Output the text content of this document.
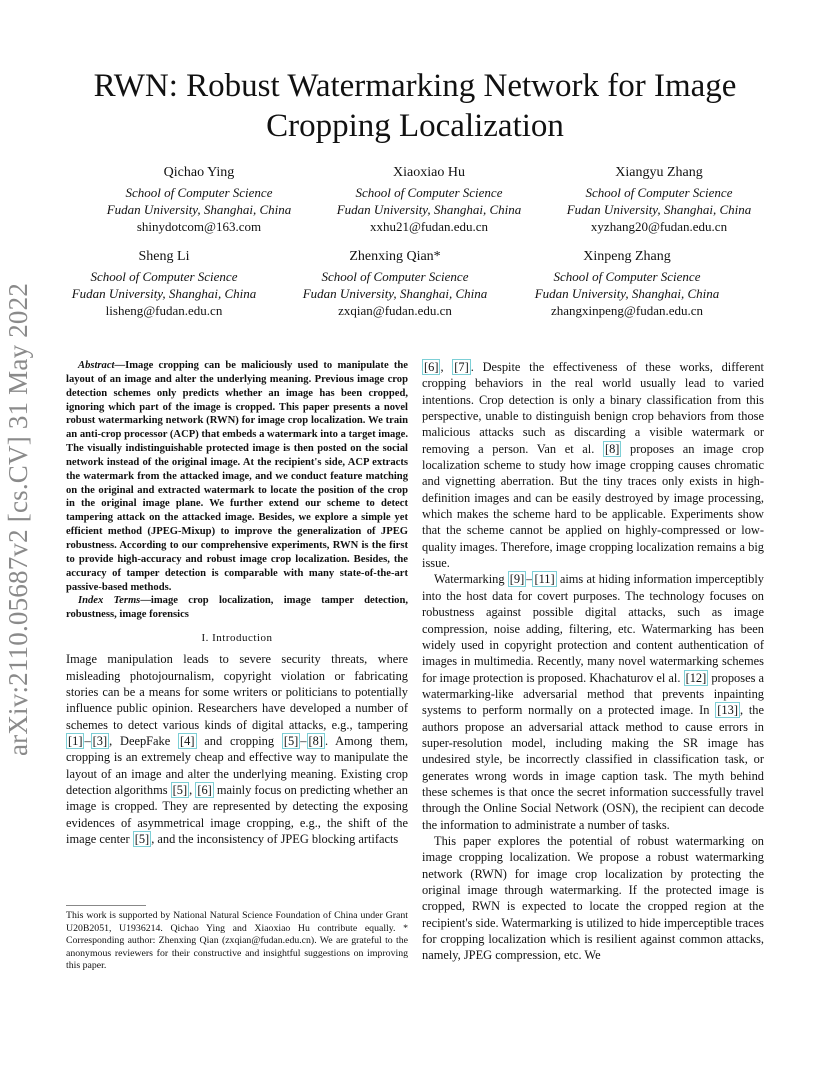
arXiv:2110.05687v2 [cs.CV] 31 May 2022
RWN: Robust Watermarking Network for Image
Cropping Localization
Qichao Ying
School of Computer Science
Fudan University, Shanghai, China
shinydotcom@163.com
Xiaoxiao Hu
School of Computer Science
Fudan University, Shanghai, China
xxhu21@fudan.edu.cn
Xiangyu Zhang
School of Computer Science
Fudan University, Shanghai, China
xyzhang20@fudan.edu.cn
Sheng Li
School of Computer Science
Fudan University, Shanghai, China
lisheng@fudan.edu.cn
Zhenxing Qian*
School of Computer Science
Fudan University, Shanghai, China
zxqian@fudan.edu.cn
Xinpeng Zhang
School of Computer Science
Fudan University, Shanghai, China
zhangxinpeng@fudan.edu.cn

Abstract—Image cropping can be maliciously used to manipulate the layout of an image and alter the underlying meaning. Previous image crop detection schemes only predicts whether an image has been cropped, ignoring which part of the image is cropped. This paper presents a novel robust watermarking network (RWN) for image crop localization. We train an anti-crop processor (ACP) that embeds a watermark into a target image. The visually indistinguishable protected image is then posted on the social network instead of the original image. At the recipient's side, ACP extracts the watermark from the attacked image, and we conduct feature matching on the original and extracted watermark to locate the position of the crop in the original image plane. We further extend our scheme to detect tampering attack on the attacked image. Besides, we explore a simple yet efficient method (JPEG-Mixup) to improve the generalization of JPEG robustness. According to our comprehensive experiments, RWN is the first to provide high-accuracy and robust image crop localization. Besides, the accuracy of tamper detection is comparable with many state-of-the-art passive-based methods.

Index Terms—image crop localization, image tamper detection, robustness, image forensics

I. Introduction

Image manipulation leads to severe security threats, where misleading photojournalism, copyright violation or fabricating stories can be a means for some writers or politicians to potentially influence public opinion. Researchers have developed a number of schemes to detect various kinds of digital attacks, e.g., tampering [1] – [3] , DeepFake [4] and cropping [5] – [8] . Among them, cropping is an extremely cheap and effective way to manipulate the layout of an image and alter the underlying meaning. Existing crop detection algorithms [5] , [6] mainly focus on predicting whether an image is cropped. They are represented by detecting the exposing evidences of asymmetrical image cropping, e.g., the shift of the image center [5] , and the inconsistency of JPEG blocking artifacts

This work is supported by National Natural Science Foundation of China under Grant U20B2051, U1936214. Qichao Ying and Xiaoxiao Hu contribute equally. * Corresponding author: Zhenxing Qian (zxqian@fudan.edu.cn). We are grateful to the anonymous reviewers for their constructive and insightful suggestions on improving this paper.

[6] , [7] . Despite the effectiveness of these works, different cropping behaviors in the real world usually lead to varied intentions. Crop detection is only a binary classification from this perspective, unable to distinguish benign crop behaviors from those malicious attacks such as discarding a visible watermark or removing a person. Van et al. [8] proposes an image crop localization scheme to study how image cropping causes chromatic and vignetting aberration. But the tiny traces only exists in high-definition images and can be easily destroyed by image processing, which makes the scheme hard to be applicable. Experiments show that the scheme cannot be applied on highly-compressed or low-quality images. Therefore, image cropping localization remains a big issue.

Watermarking [9] – [11] aims at hiding information imperceptibly into the host data for covert purposes. The technology focuses on robustness against possible digital attacks, such as image compression, noise adding, filtering, etc. Watermarking has been widely used in copyright protection and content authentication of images in multimedia. Recently, many novel watermarking schemes for image protection is proposed. Khachaturov el al. [12] proposes a watermarking-like adversarial method that prevents inpainting systems to perform normally on a protected image. In [13] , the authors propose an adversarial attack method to cause errors in super-resolution model, including making the SR image has undesired style, be incorrectly classified in classification task, or generates wrong words in image caption task. The myth behind these schemes is that once the secret information successfully travel through the Online Social Network (OSN), the recipient can decode the information to administrate a number of tasks.

This paper explores the potential of robust watermarking on image cropping localization. We propose a robust watermarking network (RWN) for image crop localization by protecting the original image through watermarking. If the protected image is cropped, RWN is expected to locate the cropped region at the recipient's side. Watermarking is utilized to hide imperceptible traces for cropping localization which is resilient against common attacks, namely, JPEG compression, etc. We
